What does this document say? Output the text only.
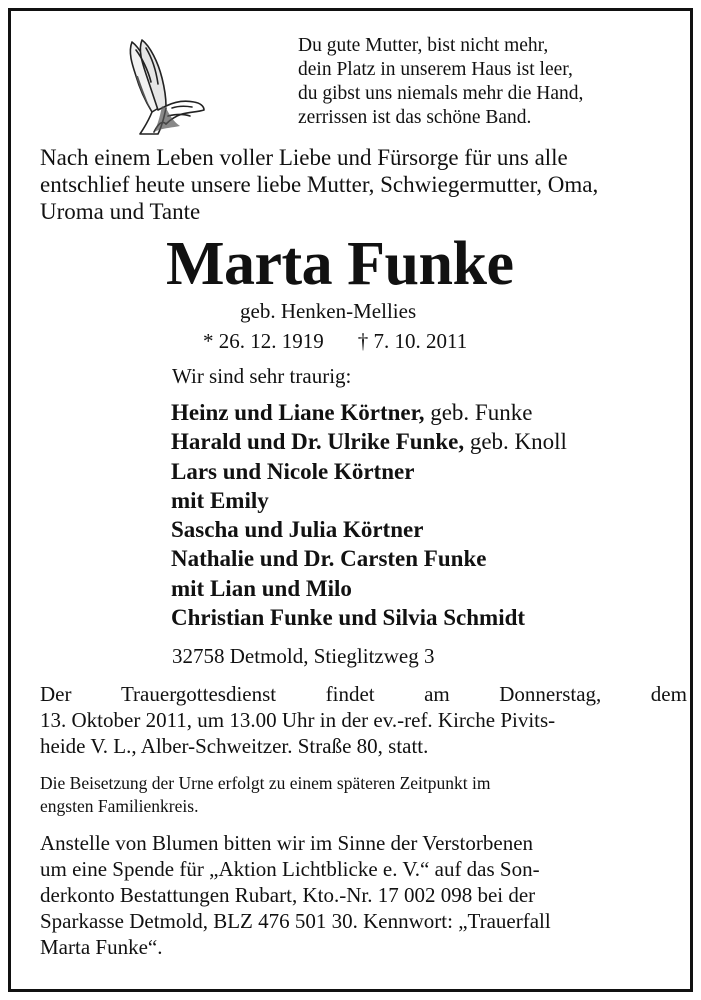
Du gute Mutter, bist nicht mehr,
dein Platz in unserem Haus ist leer,
du gibst uns niemals mehr die Hand,
zerrissen ist das schöne Band.
Nach einem Leben voller Liebe und Fürsorge für uns alle
entschlief heute unsere liebe Mutter, Schwiegermutter, Oma,
Uroma und Tante
Marta Funke
geb. Henken-Mellies
* 26. 12. 1919 † 7. 10. 2011
Wir sind sehr traurig:
Heinz und Liane Körtner, geb. Funke
Harald und Dr. Ulrike Funke, geb. Knoll
Lars und Nicole Körtner
mit Emily
Sascha und Julia Körtner
Nathalie und Dr. Carsten Funke
mit Lian und Milo
Christian Funke und Silvia Schmidt
32758 Detmold, Stieglitzweg 3
Der Trauergottesdienst findet am Donnerstag, dem
13. Oktober 2011, um 13.00 Uhr in der ev.-ref. Kirche Pivits-
heide V. L., Alber-Schweitzer. Straße 80, statt.
Die Beisetzung der Urne erfolgt zu einem späteren Zeitpunkt im
engsten Familienkreis.
Anstelle von Blumen bitten wir im Sinne der Verstorbenen
um eine Spende für „Aktion Lichtblicke e. V.“ auf das Son-
derkonto Bestattungen Rubart, Kto.-Nr. 17 002 098 bei der
Sparkasse Detmold, BLZ 476 501 30. Kennwort: „Trauerfall
Marta Funke“.
